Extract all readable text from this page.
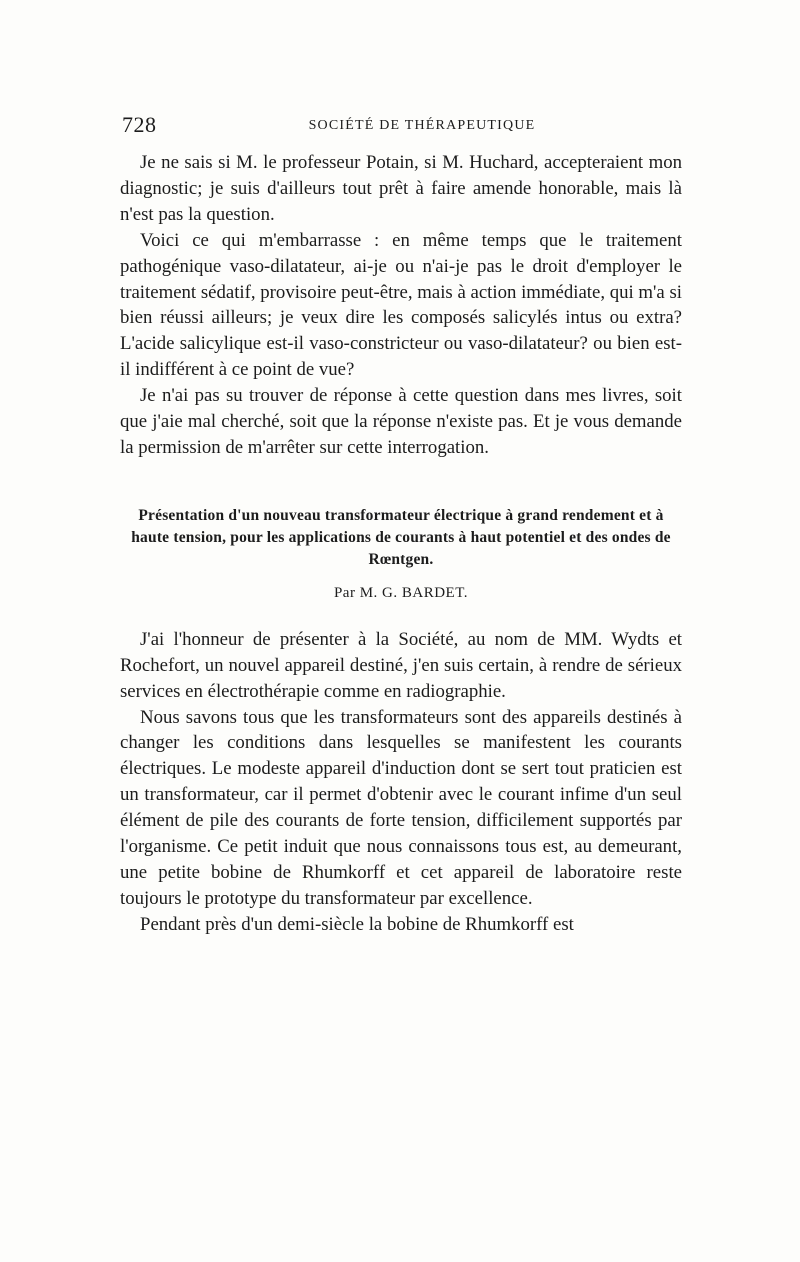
728	SOCIÉTÉ DE THÉRAPEUTIQUE

Je ne sais si M. le professeur Potain, si M. Huchard, accepteraient mon diagnostic; je suis d'ailleurs tout prêt à faire amende honorable, mais là n'est pas la question.

Voici ce qui m'embarrasse : en même temps que le traitement pathogénique vaso-dilatateur, ai-je ou n'ai-je pas le droit d'employer le traitement sédatif, provisoire peut-être, mais à action immédiate, qui m'a si bien réussi ailleurs; je veux dire les composés salicylés intus ou extra? L'acide salicylique est-il vaso-constricteur ou vaso-dilatateur? ou bien est-il indifférent à ce point de vue?

Je n'ai pas su trouver de réponse à cette question dans mes livres, soit que j'aie mal cherché, soit que la réponse n'existe pas. Et je vous demande la permission de m'arrêter sur cette interrogation.

Présentation d'un nouveau transformateur électrique à grand rendement et à haute tension, pour les applications de courants à haut potentiel et des ondes de Rœntgen.
Par M. G. BARDET.

J'ai l'honneur de présenter à la Société, au nom de MM. Wydts et Rochefort, un nouvel appareil destiné, j'en suis certain, à rendre de sérieux services en électrothérapie comme en radiographie.

Nous savons tous que les transformateurs sont des appareils destinés à changer les conditions dans lesquelles se manifestent les courants électriques. Le modeste appareil d'induction dont se sert tout praticien est un transformateur, car il permet d'obtenir avec le courant infime d'un seul élément de pile des courants de forte tension, difficilement supportés par l'organisme. Ce petit induit que nous connaissons tous est, au demeurant, une petite bobine de Rhumkorff et cet appareil de laboratoire reste toujours le prototype du transformateur par excellence.

Pendant près d'un demi-siècle la bobine de Rhumkorff est
